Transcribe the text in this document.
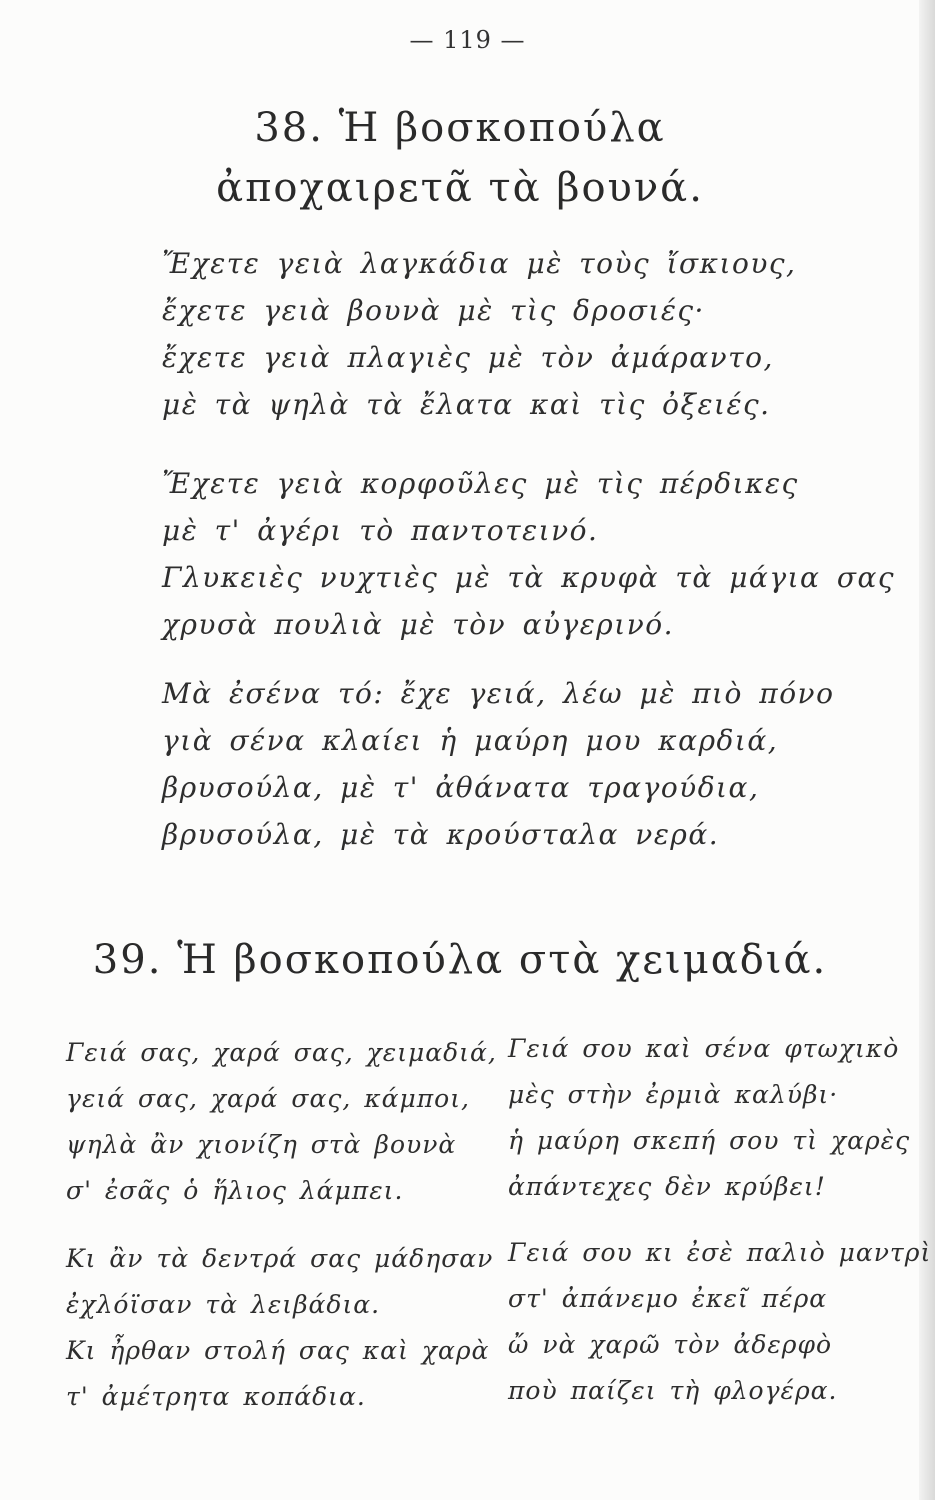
— 119 —
38. Ἡ βοσκοπούλα
ἀποχαιρετᾶ τὰ βουνά.
Ἔχετε γειὰ λαγκάδια μὲ τοὺς ἴσκιους,
ἔχετε γειὰ βουνὰ μὲ τὶς δροσιές·
ἔχετε γειὰ πλαγιὲς μὲ τὸν ἀμάραντο,
μὲ τὰ ψηλὰ τὰ ἔλατα καὶ τὶς ὀξειές.
Ἔχετε γειὰ κορφοῦλες μὲ τὶς πέρδικες
μὲ τ' ἀγέρι τὸ παντοτεινό.
Γλυκειὲς νυχτιὲς μὲ τὰ κρυφὰ τὰ μάγια σας
χρυσὰ πουλιὰ μὲ τὸν αὐγερινό.
Μὰ ἐσένα τό: ἔχε γειά, λέω μὲ πιὸ πόνο
γιὰ σένα κλαίει ἡ μαύρη μου καρδιά,
βρυσούλα, μὲ τ' ἀθάνατα τραγούδια,
βρυσούλα, μὲ τὰ κρούσταλα νερά.
39. Ἡ βοσκοπούλα στὰ χειμαδιά.
Γειά σας, χαρά σας, χειμαδιά,
γειά σας, χαρά σας, κάμποι,
ψηλὰ ἂν χιονίζη στὰ βουνὰ
σ' ἐσᾶς ὁ ἥλιος λάμπει.
Κι ἂν τὰ δεντρά σας μάδησαν
ἐχλόϊσαν τὰ λειβάδια.
Κι ἦρθαν στολή σας καὶ χαρὰ
τ' ἀμέτρητα κοπάδια.
Γειά σου καὶ σένα φτωχικὸ
μὲς στὴν ἐρμιὰ καλύβι·
ἡ μαύρη σκεπή σου τὶ χαρὲς
ἀπάντεχες δὲν κρύβει!
Γειά σου κι ἐσὲ παλιὸ μαντρὶ
στ' ἀπάνεμο ἐκεῖ πέρα
ὤ νὰ χαρῶ τὸν ἀδερφὸ
ποὺ παίζει τὴ φλογέρα.
